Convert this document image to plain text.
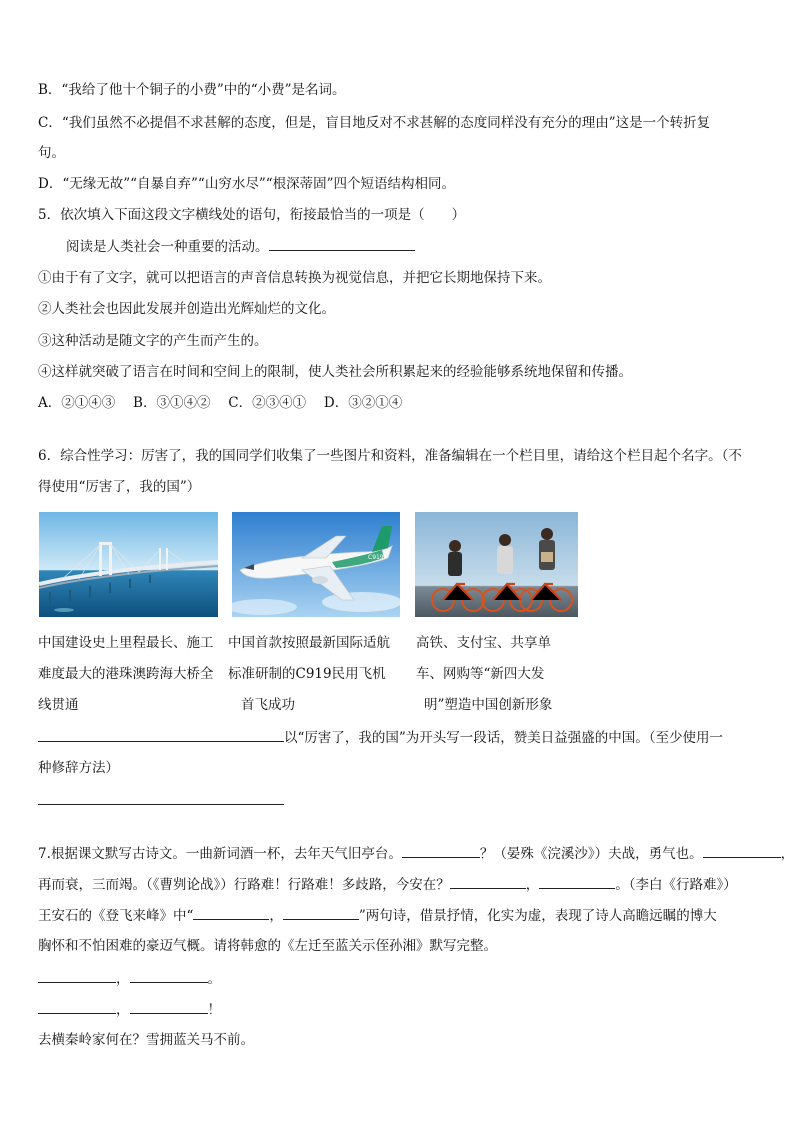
B．“我给了他十个铜子的小费”中的“小费”是名词。
C．“我们虽然不必提倡不求甚解的态度，但是，盲目地反对不求甚解的态度同样没有充分的理由”这是一个转折复
句。
D．“无缘无故”“自暴自弃”“山穷水尽”“根深蒂固”四个短语结构相同。
5．依次填入下面这段文字横线处的语句，衔接最恰当的一项是（　　）
阅读是人类社会一种重要的活动。
①由于有了文字，就可以把语言的声音信息转换为视觉信息，并把它长期地保持下来。
②人类社会也因此发展并创造出光辉灿烂的文化。
③这种活动是随文字的产生而产生的。
④这样就突破了语言在时间和空间上的限制，使人类社会所积累起来的经验能够系统地保留和传播。
A．②①④③　 B．③①④②　 C．②③④①　 D．③②①④
6．综合性学习：厉害了，我的国同学们收集了一些图片和资料，准备编辑在一个栏目里，请给这个栏目起个名字。（不
得使用“厉害了，我的国”）
C919
中国建设史上里程最长、施工
难度最大的港珠澳跨海大桥全
线贯通
中国首款按照最新国际适航
标准研制的C919民用飞机
首飞成功
高铁、支付宝、共享单
车、网购等“新四大发
明”塑造中国创新形象
以“厉害了，我的国”为开头写一段话，赞美日益强盛的中国。（至少使用一
种修辞方法）
7.根据课文默写古诗文。一曲新词酒一杯，去年天气旧亭台。	？（晏殊《浣溪沙》）夫战，勇气也。	，
再而衰，三而竭。（《曹刿论战》）行路难！行路难！多歧路，今安在？	，	。（李白《行路难》）
王安石的《登飞来峰》中“	，	”两句诗，借景抒情，化实为虚，表现了诗人高瞻远瞩的博大
胸怀和不怕困难的豪迈气概。请将韩愈的《左迁至蓝关示侄孙湘》默写完整。
，	。
，	！
去横秦岭家何在？雪拥蓝关马不前。
